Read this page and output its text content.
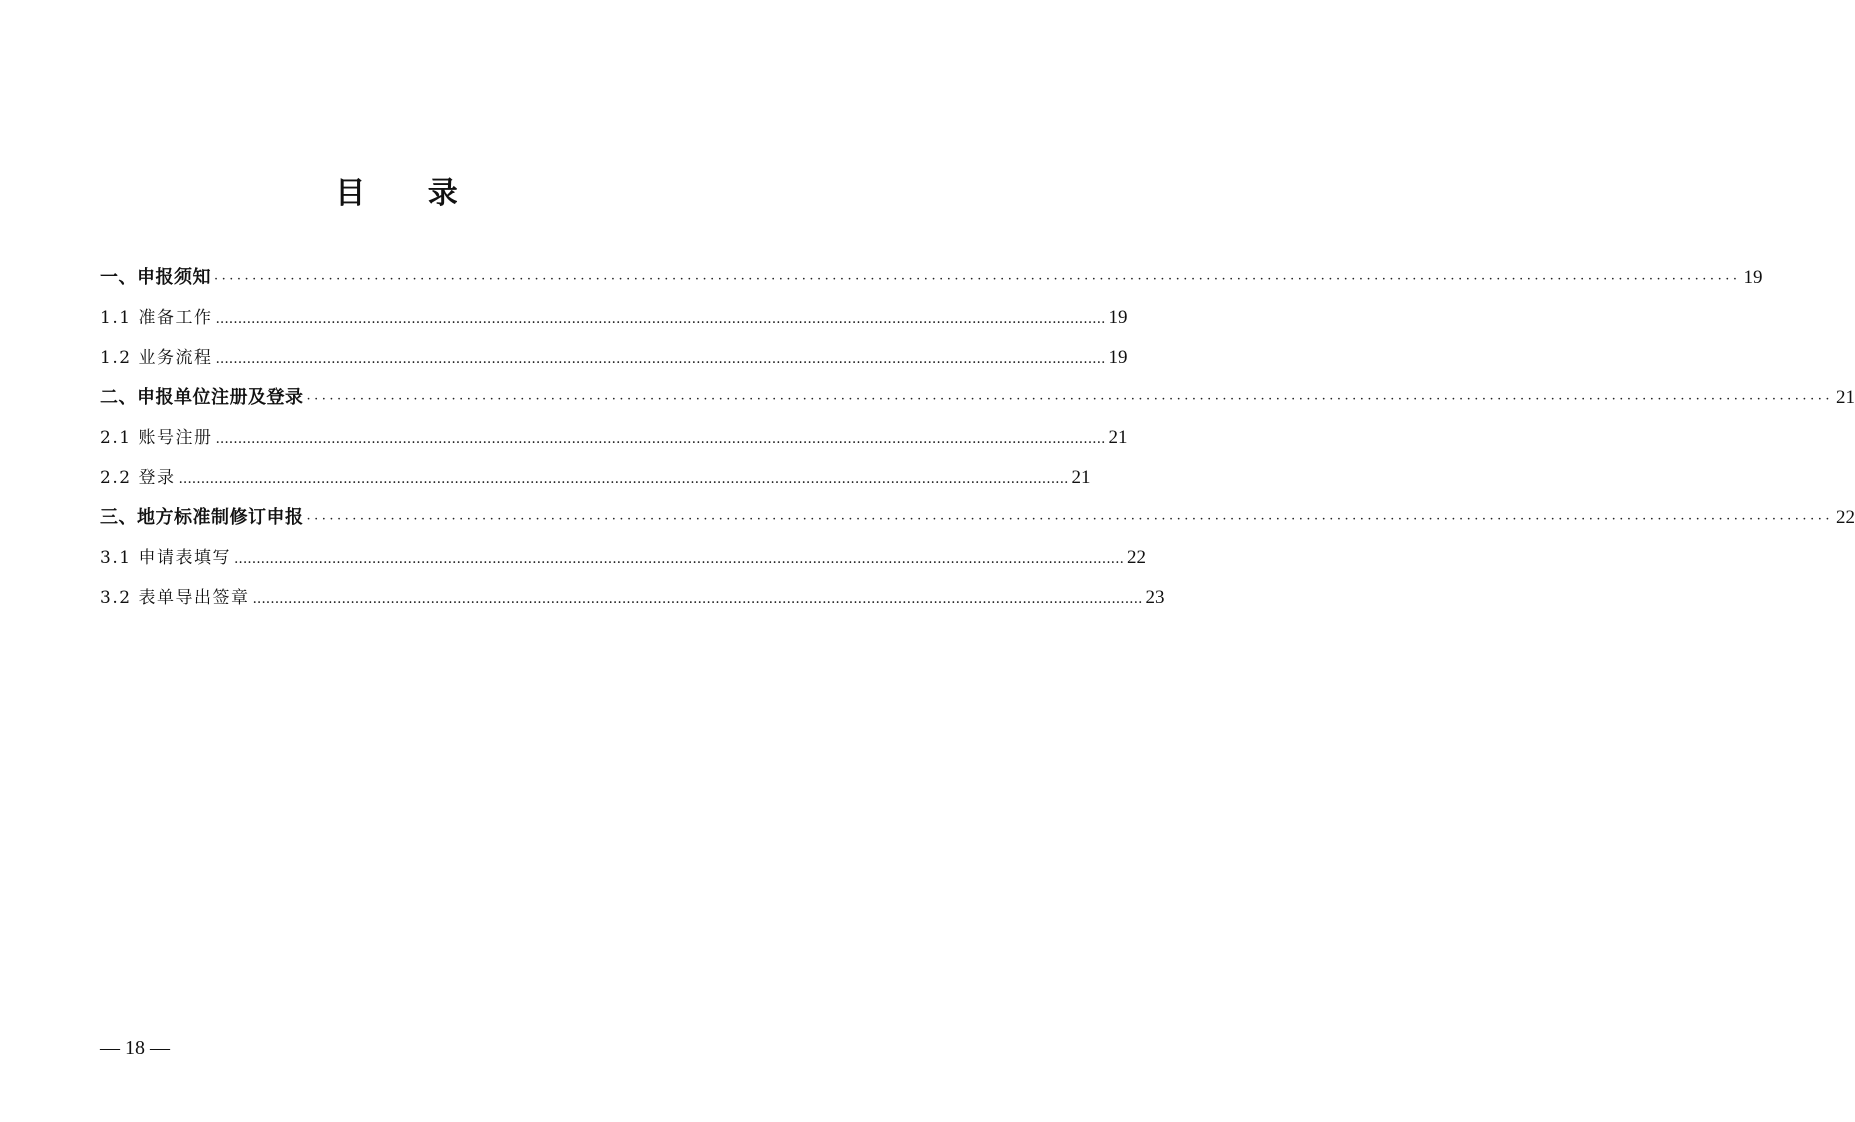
目 录
一、申报须知 ········································································································································································································ 19
1.1 准备工作 ........................................................................................................................................................................................................ 19
1.2 业务流程 ........................................................................................................................................................................................................ 19
二、申报单位注册及登录 ········································································································································································································ 21
2.1 账号注册 ........................................................................................................................................................................................................ 21
2.2 登录 ........................................................................................................................................................................................................ 21
三、地方标准制修订申报 ········································································································································································································ 22
3.1 申请表填写 ........................................................................................................................................................................................................ 22
3.2 表单导出签章 ........................................................................................................................................................................................................ 23
— 18 —
